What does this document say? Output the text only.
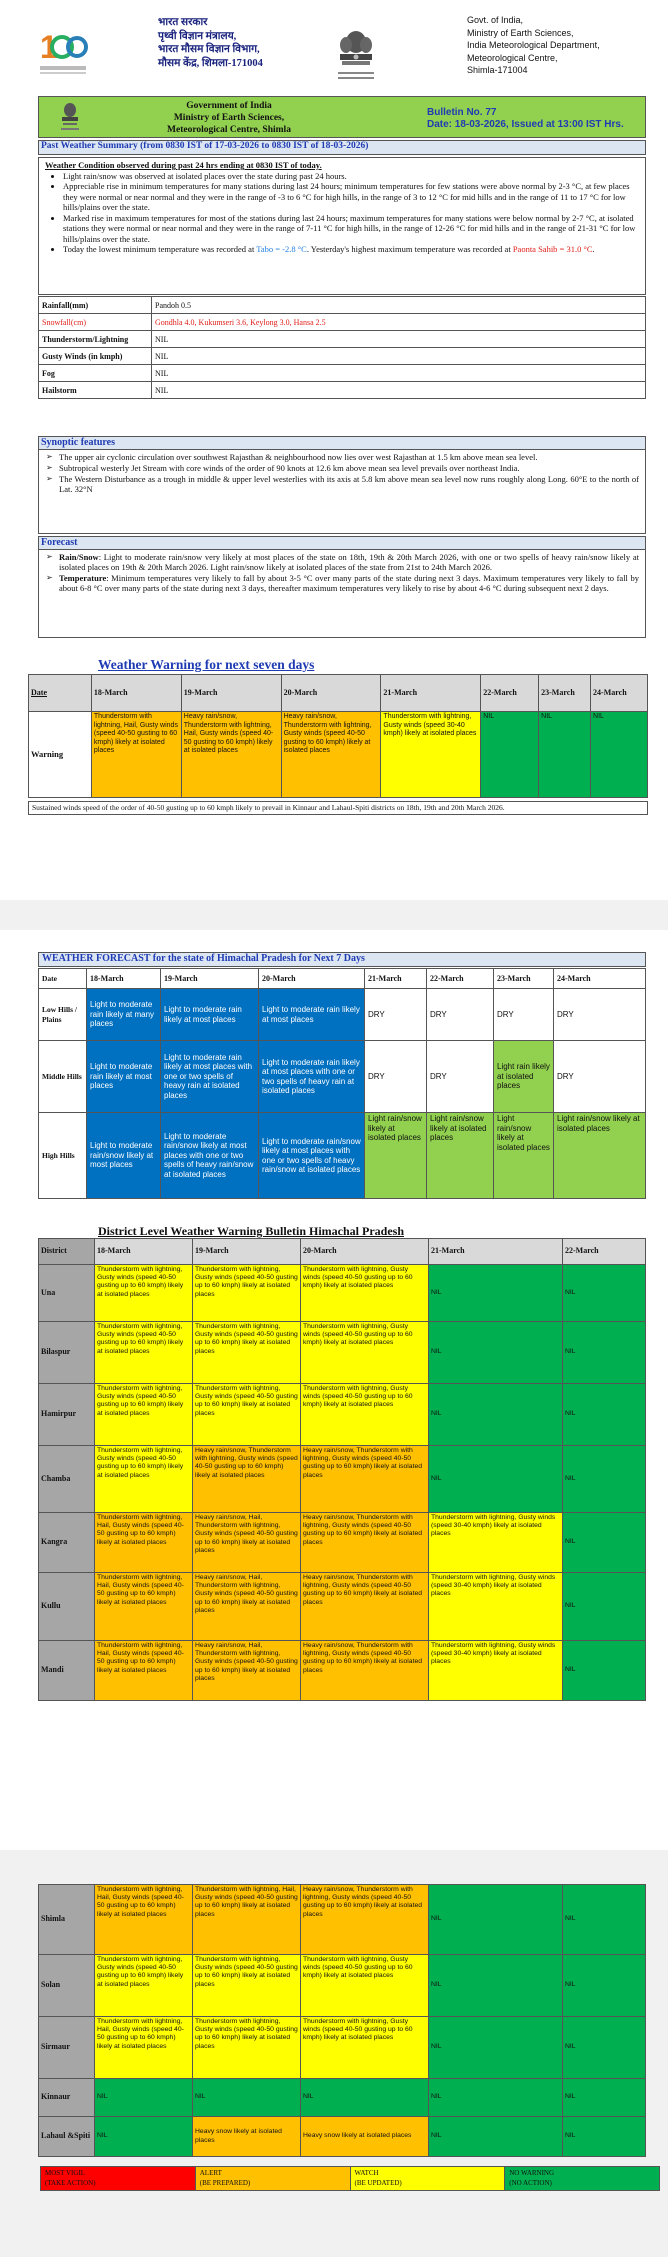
1
भारत सरकार
पृथ्वी विज्ञान मंत्रालय,
भारत मौसम विज्ञान विभाग,
मौसम केंद्र, शिमला-171004
Govt. of India,
Ministry of Earth Sciences,
India Meteorological Department,
Meteorological Centre,
Shimla-171004
Government of India
Ministry of Earth Sciences,
Meteorological Centre, Shimla
Bulletin No. 77
Date: 18-03-2026, Issued at 13:00 IST Hrs.
Past Weather Summary (from 0830 IST of 17-03-2026 to 0830 IST of 18-03-2026)
Weather Condition observed during past 24 hrs ending at 0830 IST of today.
• Light rain/snow was observed at isolated places over the state during past 24 hours.
• Appreciable rise in minimum temperatures for many stations during last 24 hours; minimum temperatures for few stations were above normal by 2-3 °C, at few places they were normal or near normal and they were in the range of -3 to 6 °C for high hills, in the range of 3 to 12 °C for mid hills and in the range of 11 to 17 °C for low hills/plains over the state.
• Marked rise in maximum temperatures for most of the stations during last 24 hours; maximum temperatures for many stations were below normal by 2-7 °C, at isolated stations they were normal or near normal and they were in the range of 7-11 °C for high hills, in the range of 12-26 °C for mid hills and in the range of 21-31 °C for low hills/plains over the state.
• Today the lowest minimum temperature was recorded at Tabo = -2.8 °C. Yesterday's highest maximum temperature was recorded at Paonta Sahib = 31.0 °C.
Rainfall(mm)	Pandoh 0.5
Snowfall(cm)	Gondhla 4.0, Kukumseri 3.6, Keylong 3.0, Hansa 2.5
Thunderstorm/Lightning	NIL
Gusty Winds (in kmph)	NIL
Fog	NIL
Hailstorm	NIL
Synoptic features
➢ The upper air cyclonic circulation over southwest Rajasthan & neighbourhood now lies over west Rajasthan at 1.5 km above mean sea level.
➢ Subtropical westerly Jet Stream with core winds of the order of 90 knots at 12.6 km above mean sea level prevails over northeast India.
➢ The Western Disturbance as a trough in middle & upper level westerlies with its axis at 5.8 km above mean sea level now runs roughly along Long. 60°E to the north of Lat. 32°N
Forecast
➢ Rain/Snow: Light to moderate rain/snow very likely at most places of the state on 18th, 19th & 20th March 2026, with one or two spells of heavy rain/snow likely at isolated places on 19th & 20th March 2026. Light rain/snow likely at isolated places of the state from 21st to 24th March 2026.
➢ Temperature: Minimum temperatures very likely to fall by about 3-5 °C over many parts of the state during next 3 days. Maximum temperatures very likely to fall by about 6-8 °C over many parts of the state during next 3 days, thereafter maximum temperatures very likely to rise by about 4-6 °C during subsequent next 2 days.
Weather Warning for next seven days
Date	18-March	19-March	20-March	21-March	22-March	23-March	24-March
Warning	Thunderstorm with lightning, Hail, Gusty winds (speed 40-50 gusting to 60 kmph) likely at isolated places	Heavy rain/snow, Thunderstorm with lightning, Hail, Gusty winds (speed 40-50 gusting to 60 kmph) likely at isolated places	Heavy rain/snow, Thunderstorm with lightning, Gusty winds (speed 40-50 gusting to 60 kmph) likely at isolated places	Thunderstorm with lightning, Gusty winds (speed 30-40 kmph) likely at isolated places	NIL	NIL	NIL
Sustained winds speed of the order of 40-50 gusting up to 60 kmph likely to prevail in Kinnaur and Lahaul-Spiti districts on 18th, 19th and 20th March 2026.
WEATHER FORECAST for the state of Himachal Pradesh for Next 7 Days
Date	18-March	19-March	20-March	21-March	22-March	23-March	24-March
Low Hills / Plains	Light to moderate rain likely at many places	Light to moderate rain likely at most places	Light to moderate rain likely at most places	DRY	DRY	DRY	DRY
Middle Hills	Light to moderate rain likely at most places	Light to moderate rain likely at most places with one or two spells of heavy rain at isolated places	Light to moderate rain likely at most places with one or two spells of heavy rain at isolated places	DRY	DRY	Light rain likely at isolated places	DRY
High Hills	Light to moderate rain/snow likely at most places	Light to moderate rain/snow likely at most places with one or two spells of heavy rain/snow at isolated places	Light to moderate rain/snow likely at most places with one or two spells of heavy rain/snow at isolated places	Light rain/snow likely at isolated places	Light rain/snow likely at isolated places	Light rain/snow likely at isolated places	Light rain/snow likely at isolated places
District Level Weather Warning Bulletin Himachal Pradesh
District	18-March	19-March	20-March	21-March	22-March
Una	Thunderstorm with lightning, Gusty winds (speed 40-50 gusting up to 60 kmph) likely at isolated places	Thunderstorm with lightning, Gusty winds (speed 40-50 gusting up to 60 kmph) likely at isolated places	Thunderstorm with lightning, Gusty winds (speed 40-50 gusting up to 60 kmph) likely at isolated places	NIL	NIL
Bilaspur	Thunderstorm with lightning, Gusty winds (speed 40-50 gusting up to 60 kmph) likely at isolated places	Thunderstorm with lightning, Gusty winds (speed 40-50 gusting up to 60 kmph) likely at isolated places	Thunderstorm with lightning, Gusty winds (speed 40-50 gusting up to 60 kmph) likely at isolated places	NIL	NIL
Hamirpur	Thunderstorm with lightning, Gusty winds (speed 40-50 gusting up to 60 kmph) likely at isolated places	Thunderstorm with lightning, Gusty winds (speed 40-50 gusting up to 60 kmph) likely at isolated places	Thunderstorm with lightning, Gusty winds (speed 40-50 gusting up to 60 kmph) likely at isolated places	NIL	NIL
Chamba	Thunderstorm with lightning, Gusty winds (speed 40-50 gusting up to 60 kmph) likely at isolated places	Heavy rain/snow, Thunderstorm with lightning, Gusty winds (speed 40-50 gusting up to 60 kmph) likely at isolated places	Heavy rain/snow, Thunderstorm with lightning, Gusty winds (speed 40-50 gusting up to 60 kmph) likely at isolated places	NIL	NIL
Kangra	Thunderstorm with lightning, Hail, Gusty winds (speed 40-50 gusting up to 60 kmph) likely at isolated places	Heavy rain/snow, Hail, Thunderstorm with lightning, Gusty winds (speed 40-50 gusting up to 60 kmph) likely at isolated places	Heavy rain/snow, Thunderstorm with lightning, Gusty winds (speed 40-50 gusting up to 60 kmph) likely at isolated places	Thunderstorm with lightning, Gusty winds (speed 30-40 kmph) likely at isolated places	NIL
Kullu	Thunderstorm with lightning, Hail, Gusty winds (speed 40-50 gusting up to 60 kmph) likely at isolated places	Heavy rain/snow, Hail, Thunderstorm with lightning, Gusty winds (speed 40-50 gusting up to 60 kmph) likely at isolated places	Heavy rain/snow, Thunderstorm with lightning, Gusty winds (speed 40-50 gusting up to 60 kmph) likely at isolated places	Thunderstorm with lightning, Gusty winds (speed 30-40 kmph) likely at isolated places	NIL
Mandi	Thunderstorm with lightning, Hail, Gusty winds (speed 40-50 gusting up to 60 kmph) likely at isolated places	Heavy rain/snow, Hail, Thunderstorm with lightning, Gusty winds (speed 40-50 gusting up to 60 kmph) likely at isolated places	Heavy rain/snow, Thunderstorm with lightning, Gusty winds (speed 40-50 gusting up to 60 kmph) likely at isolated places	Thunderstorm with lightning, Gusty winds (speed 30-40 kmph) likely at isolated places	NIL
Shimla	Thunderstorm with lightning, Hail, Gusty winds (speed 40-50 gusting up to 60 kmph) likely at isolated places	Thunderstorm with lightning, Hail, Gusty winds (speed 40-50 gusting up to 60 kmph) likely at isolated places	Heavy rain/snow, Thunderstorm with lightning, Gusty winds (speed 40-50 gusting up to 60 kmph) likely at isolated places	NIL	NIL
Solan	Thunderstorm with lightning, Gusty winds (speed 40-50 gusting up to 60 kmph) likely at isolated places	Thunderstorm with lightning, Gusty winds (speed 40-50 gusting up to 60 kmph) likely at isolated places	Thunderstorm with lightning, Gusty winds (speed 40-50 gusting up to 60 kmph) likely at isolated places	NIL	NIL
Sirmaur	Thunderstorm with lightning, Hail, Gusty winds (speed 40-50 gusting up to 60 kmph) likely at isolated places	Thunderstorm with lightning, Gusty winds (speed 40-50 gusting up to 60 kmph) likely at isolated places	Thunderstorm with lightning, Gusty winds (speed 40-50 gusting up to 60 kmph) likely at isolated places	NIL	NIL
Kinnaur	NIL	NIL	NIL	NIL	NIL
Lahaul &Spiti	NIL	Heavy snow likely at isolated places	Heavy snow likely at isolated places	NIL	NIL
MOST VIGIL
(TAKE ACTION)

ALERT
(BE PREPARED)

WATCH
(BE UPDATED)

NO WARNING
(NO ACTION)
